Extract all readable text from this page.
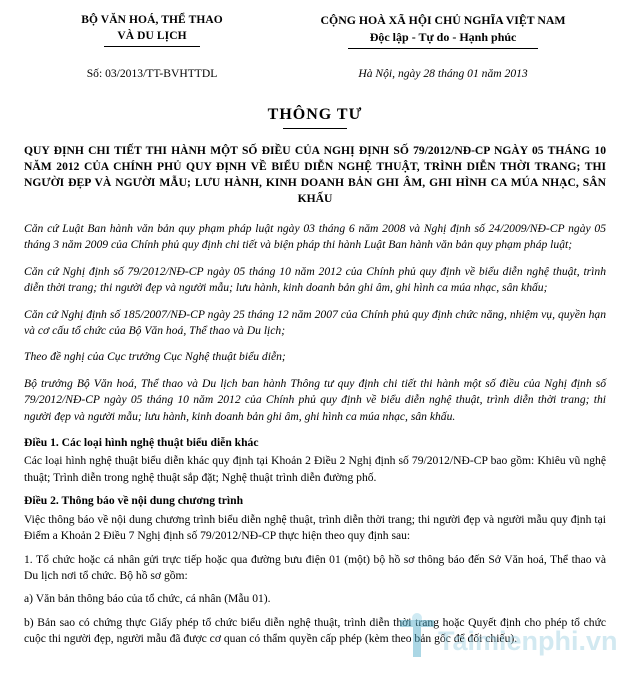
BỘ VĂN HOÁ, THỂ THAO
VÀ DU LỊCH
CỘNG HOÀ XÃ HỘI CHỦ NGHĨA VIỆT NAM
Độc lập - Tự do - Hạnh phúc
Số: 03/2013/TT-BVHTTDL	Hà Nội, ngày 28 tháng 01 năm 2013
THÔNG TƯ
QUY ĐỊNH CHI TIẾT THI HÀNH MỘT SỐ ĐIỀU CỦA NGHỊ ĐỊNH SỐ 79/2012/NĐ-CP NGÀY 05 THÁNG 10 NĂM 2012 CỦA CHÍNH PHỦ QUY ĐỊNH VỀ BIỂU DIỄN NGHỆ THUẬT, TRÌNH DIỄN THỜI TRANG; THI NGƯỜI ĐẸP VÀ NGƯỜI MẪU; LƯU HÀNH, KINH DOANH BẢN GHI ÂM, GHI HÌNH CA MÚA NHẠC, SÂN KHẤU
Căn cứ Luật Ban hành văn bản quy phạm pháp luật ngày 03 tháng 6 năm 2008 và Nghị định số 24/2009/NĐ-CP ngày 05 tháng 3 năm 2009 của Chính phủ quy định chi tiết và biện pháp thi hành Luật Ban hành văn bản quy phạm pháp luật;
Căn cứ Nghị định số 79/2012/NĐ-CP ngày 05 tháng 10 năm 2012 của Chính phủ quy định về biểu diễn nghệ thuật, trình diễn thời trang; thi người đẹp và người mẫu; lưu hành, kinh doanh bản ghi âm, ghi hình ca múa nhạc, sân khấu;
Căn cứ Nghị định số 185/2007/NĐ-CP ngày 25 tháng 12 năm 2007 của Chính phủ quy định chức năng, nhiệm vụ, quyền hạn và cơ cấu tổ chức của Bộ Văn hoá, Thể thao và Du lịch;
Theo đề nghị của Cục trưởng Cục Nghệ thuật biểu diễn;
Bộ trưởng Bộ Văn hoá, Thể thao và Du lịch ban hành Thông tư quy định chi tiết thi hành một số điều của Nghị định số 79/2012/NĐ-CP ngày 05 tháng 10 năm 2012 của Chính phủ quy định về biểu diễn nghệ thuật, trình diễn thời trang; thi người đẹp và người mẫu; lưu hành, kinh doanh bản ghi âm, ghi hình ca múa nhạc, sân khấu.
Điều 1. Các loại hình nghệ thuật biểu diễn khác
Các loại hình nghệ thuật biểu diễn khác quy định tại Khoản 2 Điều 2 Nghị định số 79/2012/NĐ-CP bao gồm: Khiêu vũ nghệ thuật; Trình diễn trong nghệ thuật sắp đặt; Nghệ thuật trình diễn đường phố.
Điều 2. Thông báo về nội dung chương trình
Việc thông báo về nội dung chương trình biểu diễn nghệ thuật, trình diễn thời trang; thi người đẹp và người mẫu quy định tại Điểm a Khoản 2 Điều 7 Nghị định số 79/2012/NĐ-CP thực hiện theo quy định sau:
1. Tổ chức hoặc cá nhân gửi trực tiếp hoặc qua đường bưu điện 01 (một) bộ hồ sơ thông báo đến Sở Văn hoá, Thể thao và Du lịch nơi tổ chức. Bộ hồ sơ gồm:
a) Văn bản thông báo của tổ chức, cá nhân (Mẫu 01).
b) Bản sao có chứng thực Giấy phép tổ chức biểu diễn nghệ thuật, trình diễn thời trang hoặc Quyết định cho phép tổ chức cuộc thi người đẹp, người mẫu đã được cơ quan có thẩm quyền cấp phép (kèm theo bản gốc để đối chiếu).
Taimienphi.vn
